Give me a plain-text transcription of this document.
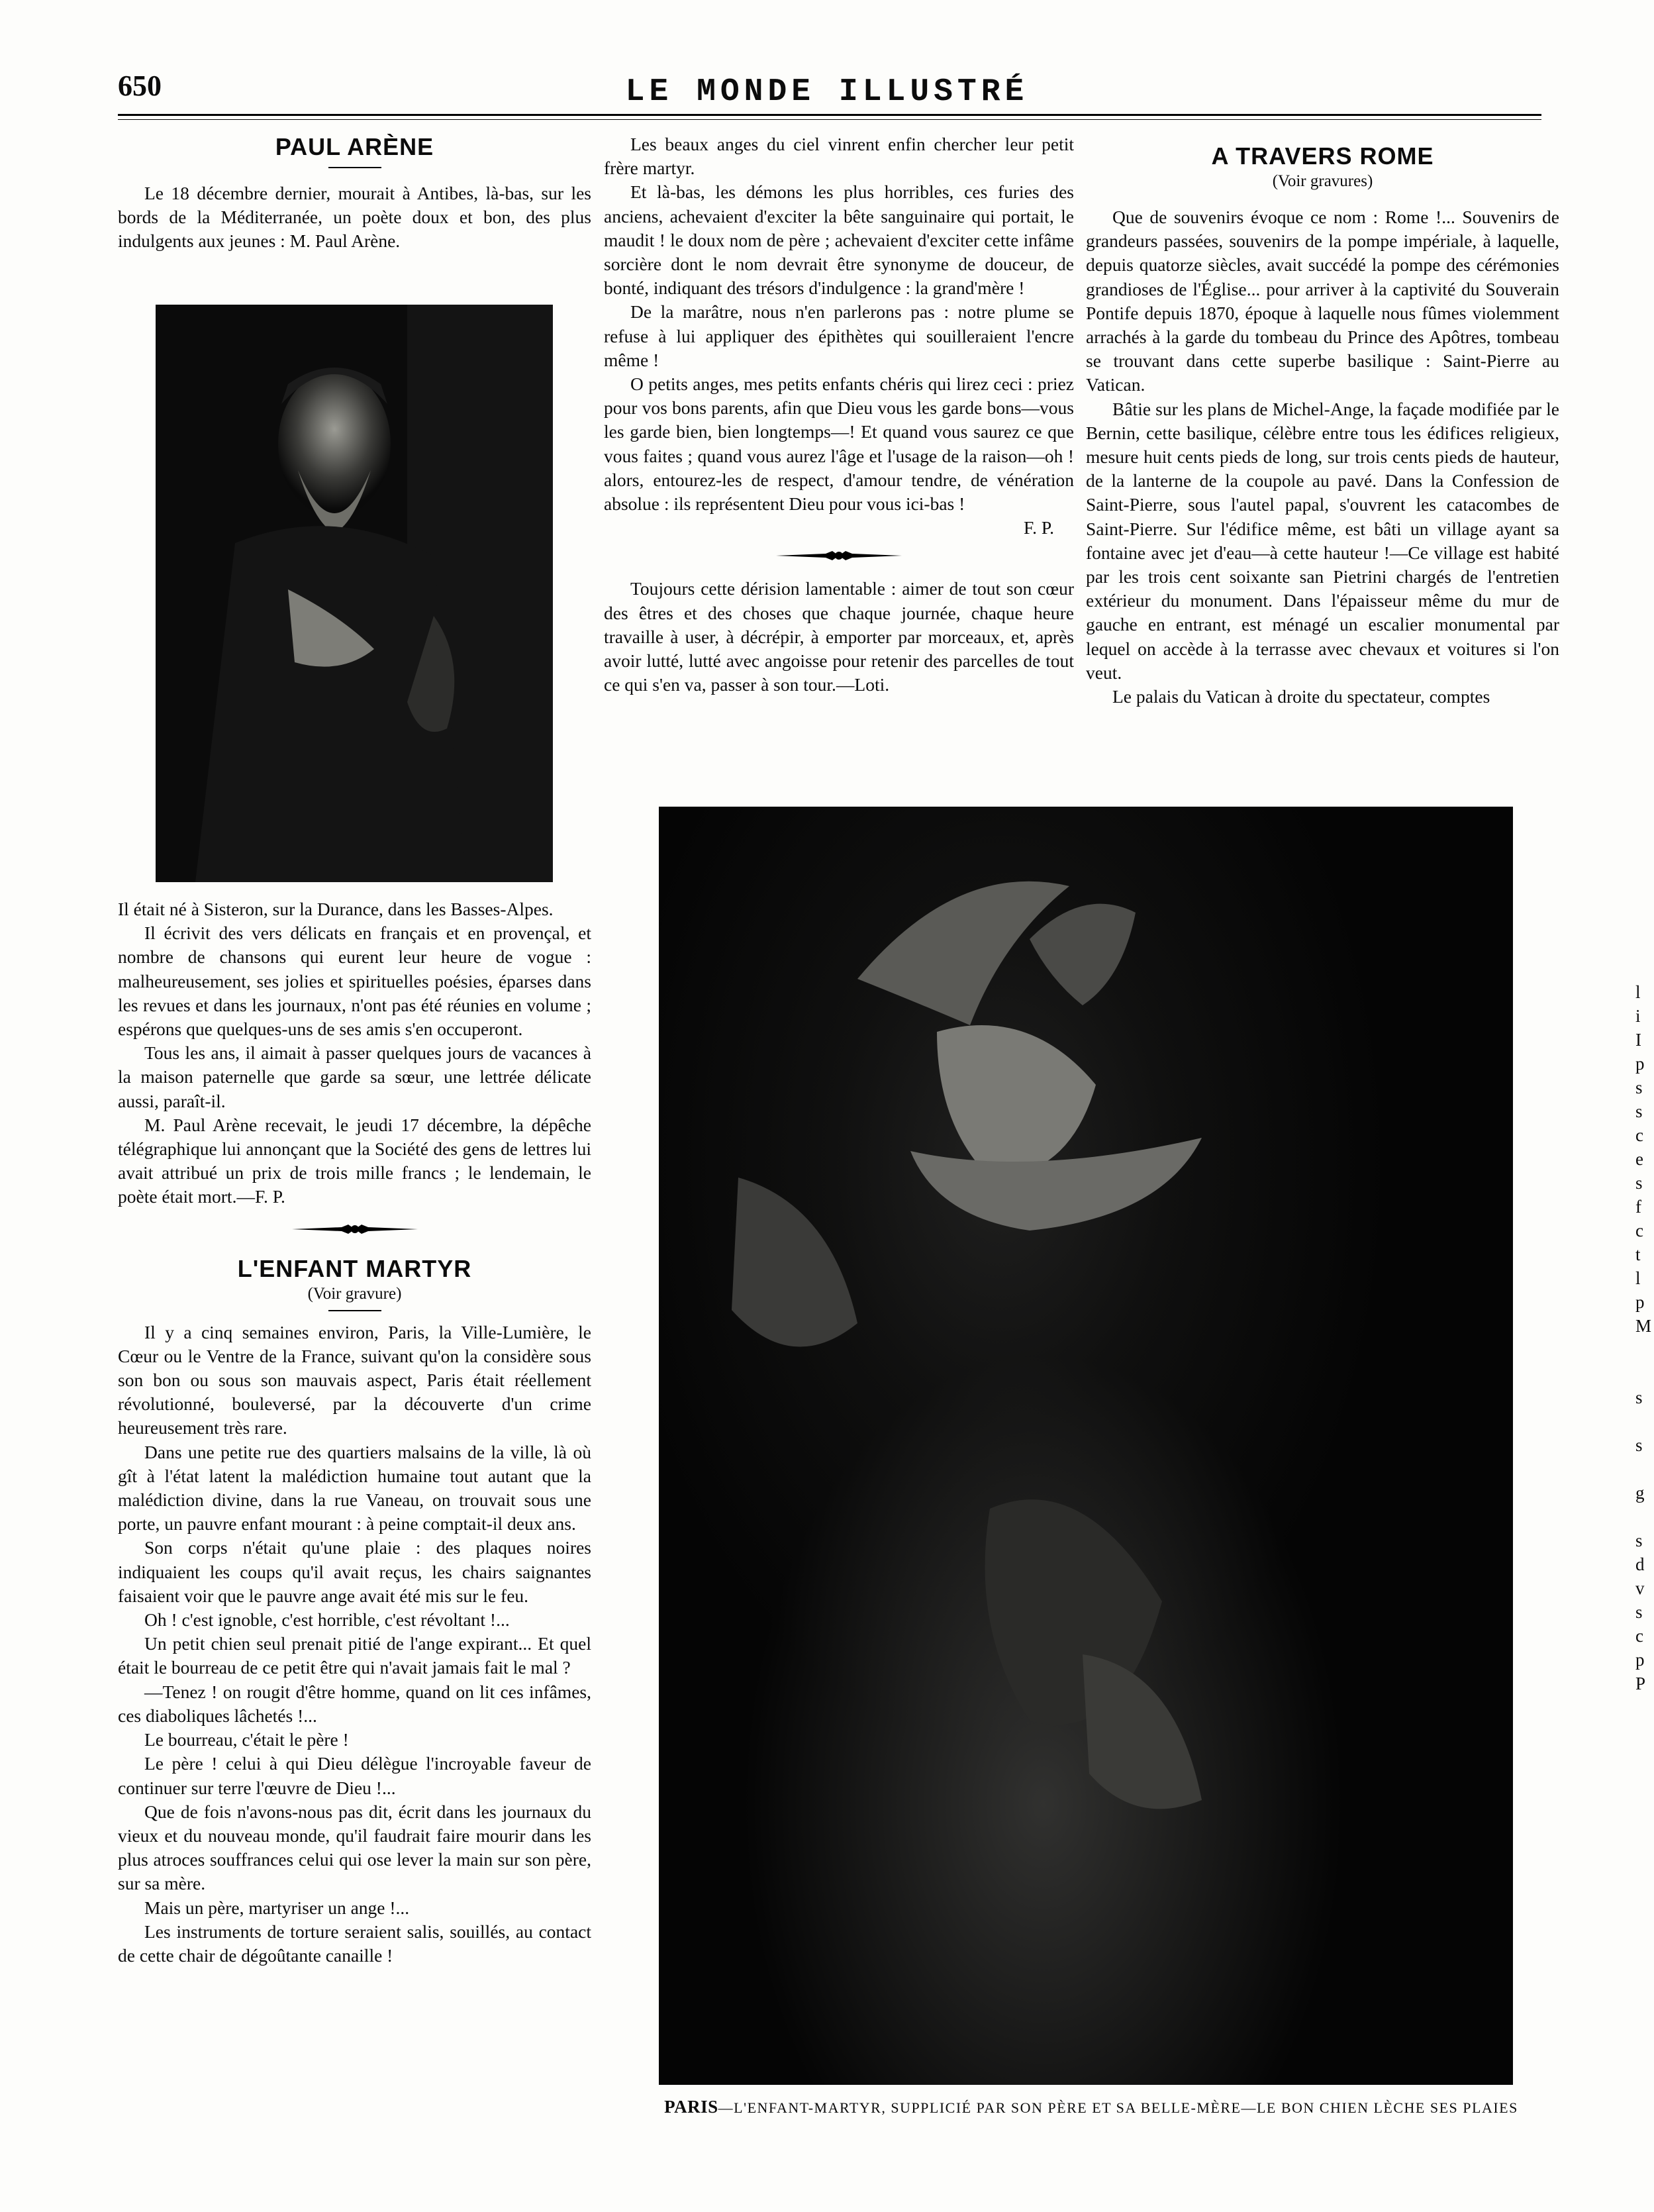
650	LE MONDE ILLUSTRÉ
PAUL ARÈNE

Le 18 décembre dernier, mourait à Antibes, là-bas, sur les bords de la Méditerranée, un poète doux et bon, des plus indulgents aux jeunes : M. Paul Arène.

Il était né à Sisteron, sur la Durance, dans les Basses-Alpes.

Il écrivit des vers délicats en français et en provençal, et nombre de chansons qui eurent leur heure de vogue : malheureusement, ses jolies et spirituelles poésies, éparses dans les revues et dans les journaux, n'ont pas été réunies en volume ; espérons que quelques-uns de ses amis s'en occuperont.

Tous les ans, il aimait à passer quelques jours de vacances à la maison paternelle que garde sa sœur, une lettrée délicate aussi, paraît-il.

M. Paul Arène recevait, le jeudi 17 décembre, la dépêche télégraphique lui annonçant que la Société des gens de lettres lui avait attribué un prix de trois mille francs ; le lendemain, le poète était mort.—F. P.

L'ENFANT MARTYR
(Voir gravure)

Il y a cinq semaines environ, Paris, la Ville-Lumière, le Cœur ou le Ventre de la France, suivant qu'on la considère sous son bon ou sous son mauvais aspect, Paris était réellement révolutionné, bouleversé, par la découverte d'un crime heureusement très rare.

Dans une petite rue des quartiers malsains de la ville, là où gît à l'état latent la malédiction humaine tout autant que la malédiction divine, dans la rue Vaneau, on trouvait sous une porte, un pauvre enfant mourant : à peine comptait-il deux ans.

Son corps n'était qu'une plaie : des plaques noires indiquaient les coups qu'il avait reçus, les chairs saignantes faisaient voir que le pauvre ange avait été mis sur le feu.

Oh ! c'est ignoble, c'est horrible, c'est révoltant !...

Un petit chien seul prenait pitié de l'ange expirant... Et quel était le bourreau de ce petit être qui n'avait jamais fait le mal ?

—Tenez ! on rougit d'être homme, quand on lit ces infâmes, ces diaboliques lâchetés !...

Le bourreau, c'était le père !

Le père ! celui à qui Dieu délègue l'incroyable faveur de continuer sur terre l'œuvre de Dieu !...

Que de fois n'avons-nous pas dit, écrit dans les journaux du vieux et du nouveau monde, qu'il faudrait faire mourir dans les plus atroces souffrances celui qui ose lever la main sur son père, sur sa mère.

Mais un père, martyriser un ange !...

Les instruments de torture seraient salis, souillés, au contact de cette chair de dégoûtante canaille !

Les beaux anges du ciel vinrent enfin chercher leur petit frère martyr.

Et là-bas, les démons les plus horribles, ces furies des anciens, achevaient d'exciter la bête sanguinaire qui portait, le maudit ! le doux nom de père ; achevaient d'exciter cette infâme sorcière dont le nom devrait être synonyme de douceur, de bonté, indiquant des trésors d'indulgence : la grand'mère !

De la marâtre, nous n'en parlerons pas : notre plume se refuse à lui appliquer des épithètes qui souilleraient l'encre même !

O petits anges, mes petits enfants chéris qui lirez ceci : priez pour vos bons parents, afin que Dieu vous les garde bons—vous les garde bien, bien longtemps—! Et quand vous saurez ce que vous faites ; quand vous aurez l'âge et l'usage de la raison—oh ! alors, entourez-les de respect, d'amour tendre, de vénération absolue : ils représentent Dieu pour vous ici-bas !

F. P.

Toujours cette dérision lamentable : aimer de tout son cœur des êtres et des choses que chaque journée, chaque heure travaille à user, à décrépir, à emporter par morceaux, et, après avoir lutté, lutté avec angoisse pour retenir des parcelles de tout ce qui s'en va, passer à son tour.—Loti.

A TRAVERS ROME
(Voir gravures)

Que de souvenirs évoque ce nom : Rome !... Souvenirs de grandeurs passées, souvenirs de la pompe impériale, à laquelle, depuis quatorze siècles, avait succédé la pompe des cérémonies grandioses de l'Église... pour arriver à la captivité du Souverain Pontife depuis 1870, époque à laquelle nous fûmes violemment arrachés à la garde du tombeau du Prince des Apôtres, tombeau se trouvant dans cette superbe basilique : Saint-Pierre au Vatican.

Bâtie sur les plans de Michel-Ange, la façade modifiée par le Bernin, cette basilique, célèbre entre tous les édifices religieux, mesure huit cents pieds de long, sur trois cents pieds de hauteur, de la lanterne de la coupole au pavé. Dans la Confession de Saint-Pierre, sous l'autel papal, s'ouvrent les catacombes de Saint-Pierre. Sur l'édifice même, est bâti un village ayant sa fontaine avec jet d'eau—à cette hauteur !—Ce village est habité par les trois cent soixante san Pietrini chargés de l'entretien extérieur du monument. Dans l'épaisseur même du mur de gauche en entrant, est ménagé un escalier monumental par lequel on accède à la terrasse avec chevaux et voitures si l'on veut.

Le palais du Vatican à droite du spectateur, comptes

PARIS—L'ENFANT-MARTYR, SUPPLICIÉ PAR SON PÈRE ET SA BELLE-MÈRE—LE BON CHIEN LÈCHE SES PLAIES
l
i
I
p
s
s
c
e
s
f
c
t
l
p
M

s

s

g

s
d
v
s
c
p
P
